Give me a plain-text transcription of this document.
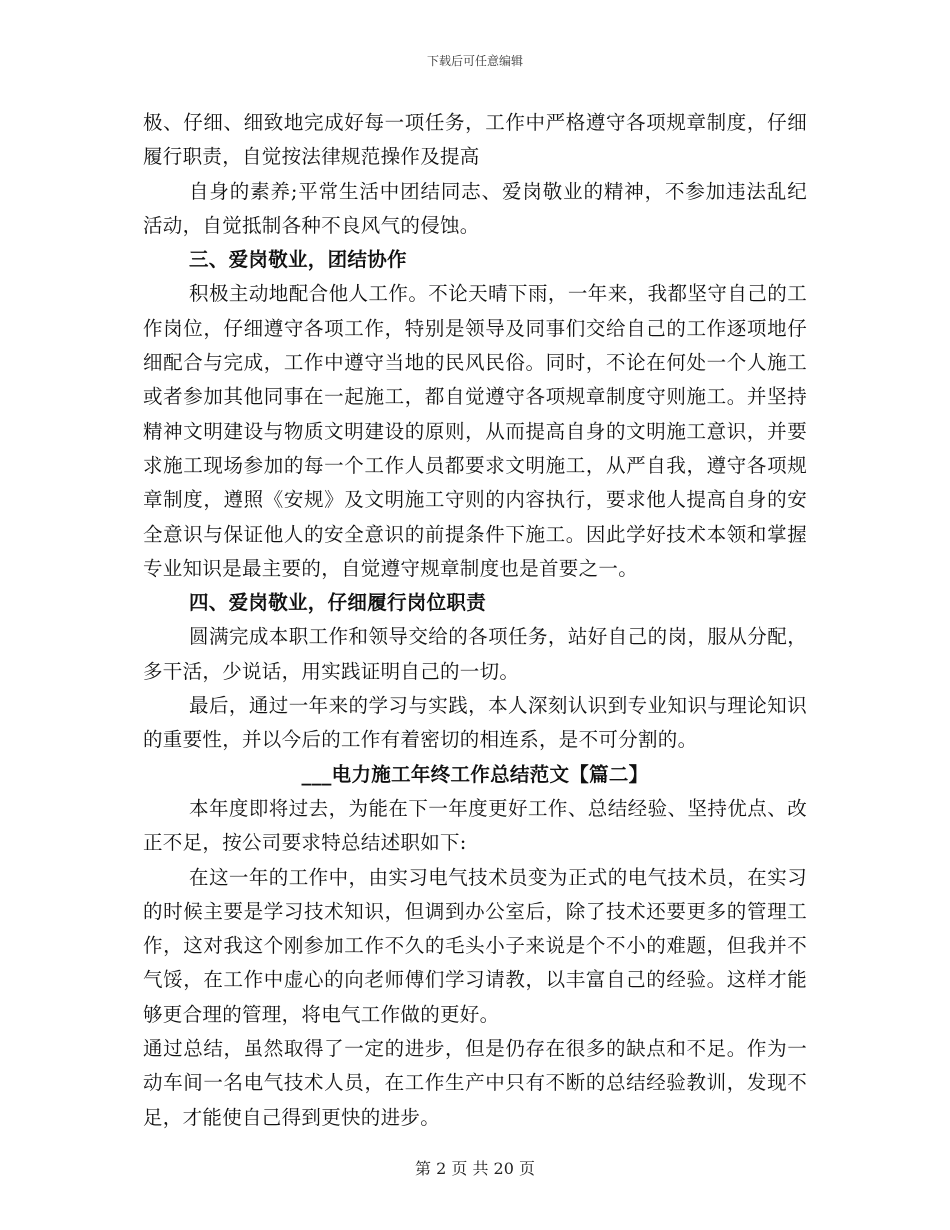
下载后可任意编辑

极、仔细、细致地完成好每一项任务，工作中严格遵守各项规章制度，仔细履行职责，自觉按法律规范操作及提高

自身的素养;平常生活中团结同志、爱岗敬业的精神，不参加违法乱纪活动，自觉抵制各种不良风气的侵蚀。

三、爱岗敬业，团结协作

积极主动地配合他人工作。不论天晴下雨，一年来，我都坚守自己的工作岗位，仔细遵守各项工作，特别是领导及同事们交给自己的工作逐项地仔细配合与完成，工作中遵守当地的民风民俗。同时，不论在何处一个人施工或者参加其他同事在一起施工，都自觉遵守各项规章制度守则施工。并坚持精神文明建设与物质文明建设的原则，从而提高自身的文明施工意识，并要求施工现场参加的每一个工作人员都要求文明施工，从严自我，遵守各项规章制度，遵照《安规》及文明施工守则的内容执行，要求他人提高自身的安全意识与保证他人的安全意识的前提条件下施工。因此学好技术本领和掌握专业知识是最主要的，自觉遵守规章制度也是首要之一。

四、爱岗敬业，仔细履行岗位职责

圆满完成本职工作和领导交给的各项任务，站好自己的岗，服从分配，多干活，少说话，用实践证明自己的一切。

最后，通过一年来的学习与实践，本人深刻认识到专业知识与理论知识的重要性，并以今后的工作有着密切的相连系，是不可分割的。

___电力施工年终工作总结范文【篇二】

本年度即将过去，为能在下一年度更好工作、总结经验、坚持优点、改正不足，按公司要求特总结述职如下:

在这一年的工作中，由实习电气技术员变为正式的电气技术员，在实习的时候主要是学习技术知识，但调到办公室后，除了技术还要更多的管理工作，这对我这个刚参加工作不久的毛头小子来说是个不小的难题，但我并不气馁，在工作中虚心的向老师傅们学习请教，以丰富自己的经验。这样才能够更合理的管理，将电气工作做的更好。

通过总结，虽然取得了一定的进步，但是仍存在很多的缺点和不足。作为一动车间一名电气技术人员，在工作生产中只有不断的总结经验教训，发现不足，才能使自己得到更快的进步。

第 2 页 共 20 页
